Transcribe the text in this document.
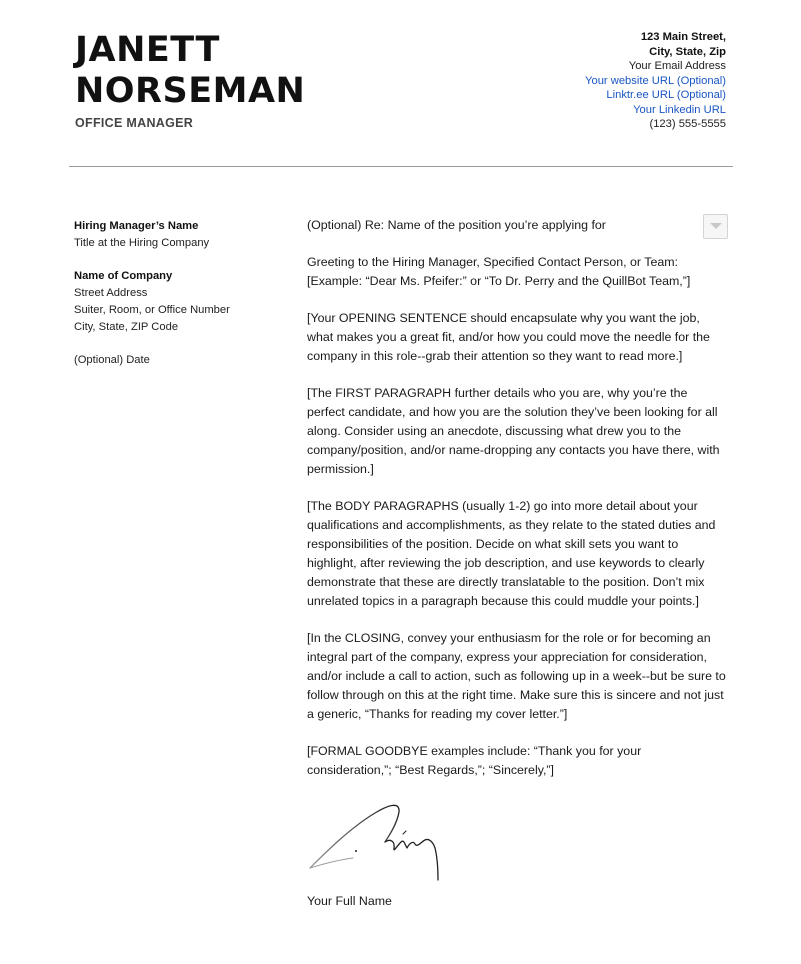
JANETT
NORSEMAN
OFFICE MANAGER
123 Main Street,
City, State, Zip
Your Email Address
Your website URL (Optional)
Linktr.ee URL (Optional)
Your Linkedin URL
(123) 555-5555
Hiring Manager’s Name
Title at the Hiring Company
Name of Company
Street Address
Suiter, Room, or Office Number
City, State, ZIP Code
(Optional) Date

(Optional) Re: Name of the position you’re applying for

Greeting to the Hiring Manager, Specified Contact Person, or Team:
[Example: “Dear Ms. Pfeifer:” or “To Dr. Perry and the QuillBot Team,”]

[Your OPENING SENTENCE should encapsulate why you want the job, what makes you a great fit, and/or how you could move the needle for the company in this role--grab their attention so they want to read more.]

[The FIRST PARAGRAPH further details who you are, why you’re the perfect candidate, and how you are the solution they’ve been looking for all along. Consider using an anecdote, discussing what drew you to the company/position, and/or name-dropping any contacts you have there, with permission.]

[The BODY PARAGRAPHS (usually 1-2) go into more detail about your qualifications and accomplishments, as they relate to the stated duties and responsibilities of the position. Decide on what skill sets you want to highlight, after reviewing the job description, and use keywords to clearly demonstrate that these are directly translatable to the position. Don’t mix unrelated topics in a paragraph because this could muddle your points.]

[In the CLOSING, convey your enthusiasm for the role or for becoming an integral part of the company, express your appreciation for consideration, and/or include a call to action, such as following up in a week--but be sure to follow through on this at the right time. Make sure this is sincere and not just a generic, “Thanks for reading my cover letter.”]

[FORMAL GOODBYE examples include: “Thank you for your consideration,”; “Best Regards,”; “Sincerely,”]

Your Full Name
